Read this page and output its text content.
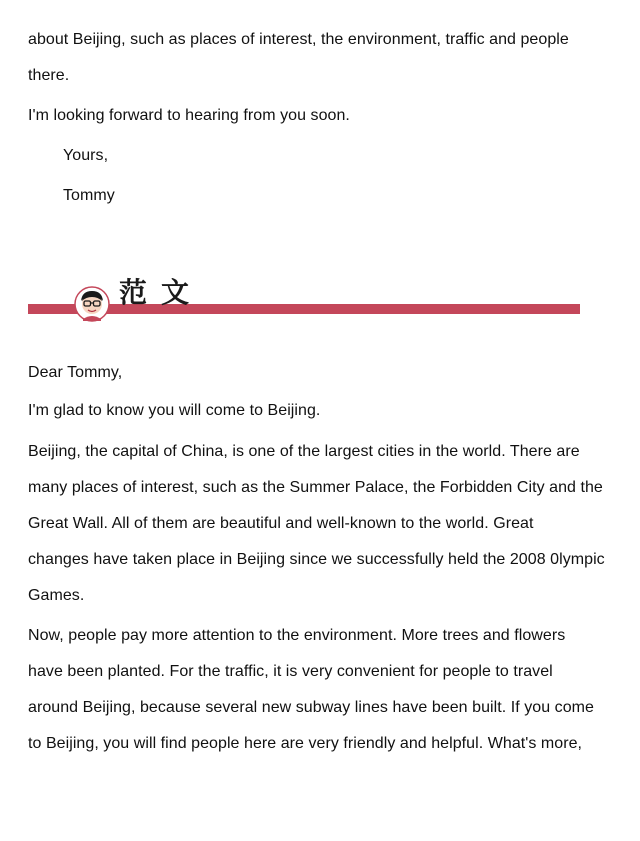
about Beijing, such as places of interest, the environment, traffic and people
there.
I'm looking forward to hearing from you soon.
Yours,
Tommy
范文
Dear Tommy,
I'm glad to know you will come to Beijing.
Beijing, the capital of China, is one of the largest cities in the world. There are
many places of interest, such as the Summer Palace, the Forbidden City and the
Great Wall. All of them are beautiful and well-known to the world. Great
changes have taken place in Beijing since we successfully held the 2008 0lympic
Games.
Now, people pay more attention to the environment. More trees and flowers
have been planted. For the traffic, it is very convenient for people to travel
around Beijing, because several new subway lines have been built. If you come
to Beijing, you will find people here are very friendly and helpful. What's more,
